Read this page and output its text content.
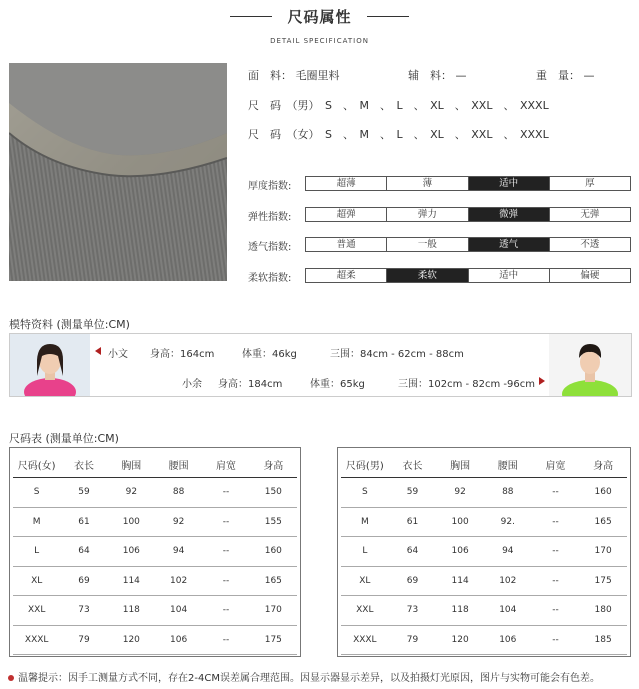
尺码属性
DETAIL SPECIFICATION
面　料： 毛圈里料	辅　料： —	重　量： —
尺　码　（男）　S　、　M　、　L　、　XL　、　XXL　、　XXXL
尺　码　（女）　S　、　M　、　L　、　XL　、　XXL　、　XXXL
厚度指数:	超薄	薄	适中	厚
弹性指数:	超弹	弹力	微弹	无弹
透气指数:	普通	一般	透气	不透
柔软指数:	超柔	柔软	适中	偏硬
模特资料 (测量单位:CM)
小文 身高：164cm	体重：46kg	三围：84cm - 62cm - 88cm
小余 身高：184cm	体重：65kg	三围：102cm - 82cm -96cm
尺码表 (测量单位:CM)
尺码(女)	衣长	胸围	腰围	肩宽	身高
S	59	92	88	--	150
M	61	100	92	--	155
L	64	106	94	--	160
XL	69	114	102	--	165
XXL	73	118	104	--	170
XXXL	79	120	106	--	175
尺码(男)	衣长	胸围	腰围	肩宽	身高
S	59	92	88	--	160
M	61	100	92.	--	165
L	64	106	94	--	170
XL	69	114	102	--	175
XXL	73	118	104	--	180
XXXL	79	120	106	--	185
温馨提示：因手工测量方式不同，存在2-4CM误差属合理范围。因显示器显示差异，以及拍摄灯光原因，图片与实物可能会有色差。
